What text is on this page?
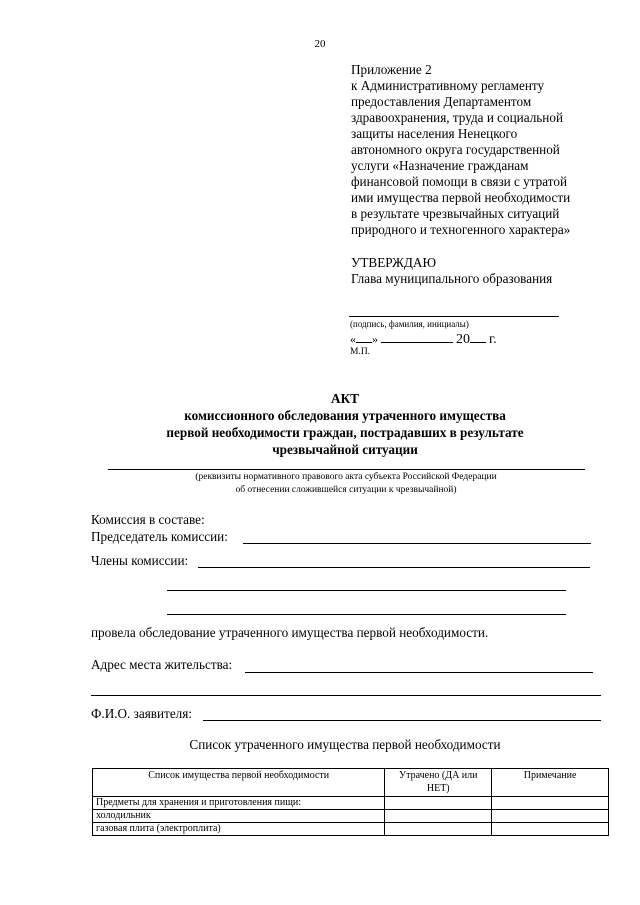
20
Приложение 2
к Административному регламенту
предоставления Департаментом
здравоохранения, труда и социальной
защиты населения Ненецкого
автономного округа государственной
услуги «Назначение гражданам
финансовой помощи в связи с утратой
ими имущества первой необходимости
в результате чрезвычайных ситуаций
природного и техногенного характера»
УТВЕРЖДАЮ
Глава муниципального образования
(подпись, фамилия, инициалы)
« »	20 г.
М.П.
АКТ
комиссионного обследования утраченного имущества
первой необходимости граждан, пострадавших в результате
чрезвычайной ситуации
(реквизиты нормативного правового акта субъекта Российской Федерации
об отнесении сложившейся ситуации к чрезвычайной)
Комиссия в составе:
Председатель комиссии:
Члены комиссии:
провела обследование утраченного имущества первой необходимости.
Адрес места жительства:
Ф.И.О. заявителя:
Список утраченного имущества первой необходимости
Список имущества первой необходимости	Утрачено (ДА или НЕТ)	Примечание
Предметы для хранения и приготовления пищи:		
холодильник		
газовая плита (электроплита)		
